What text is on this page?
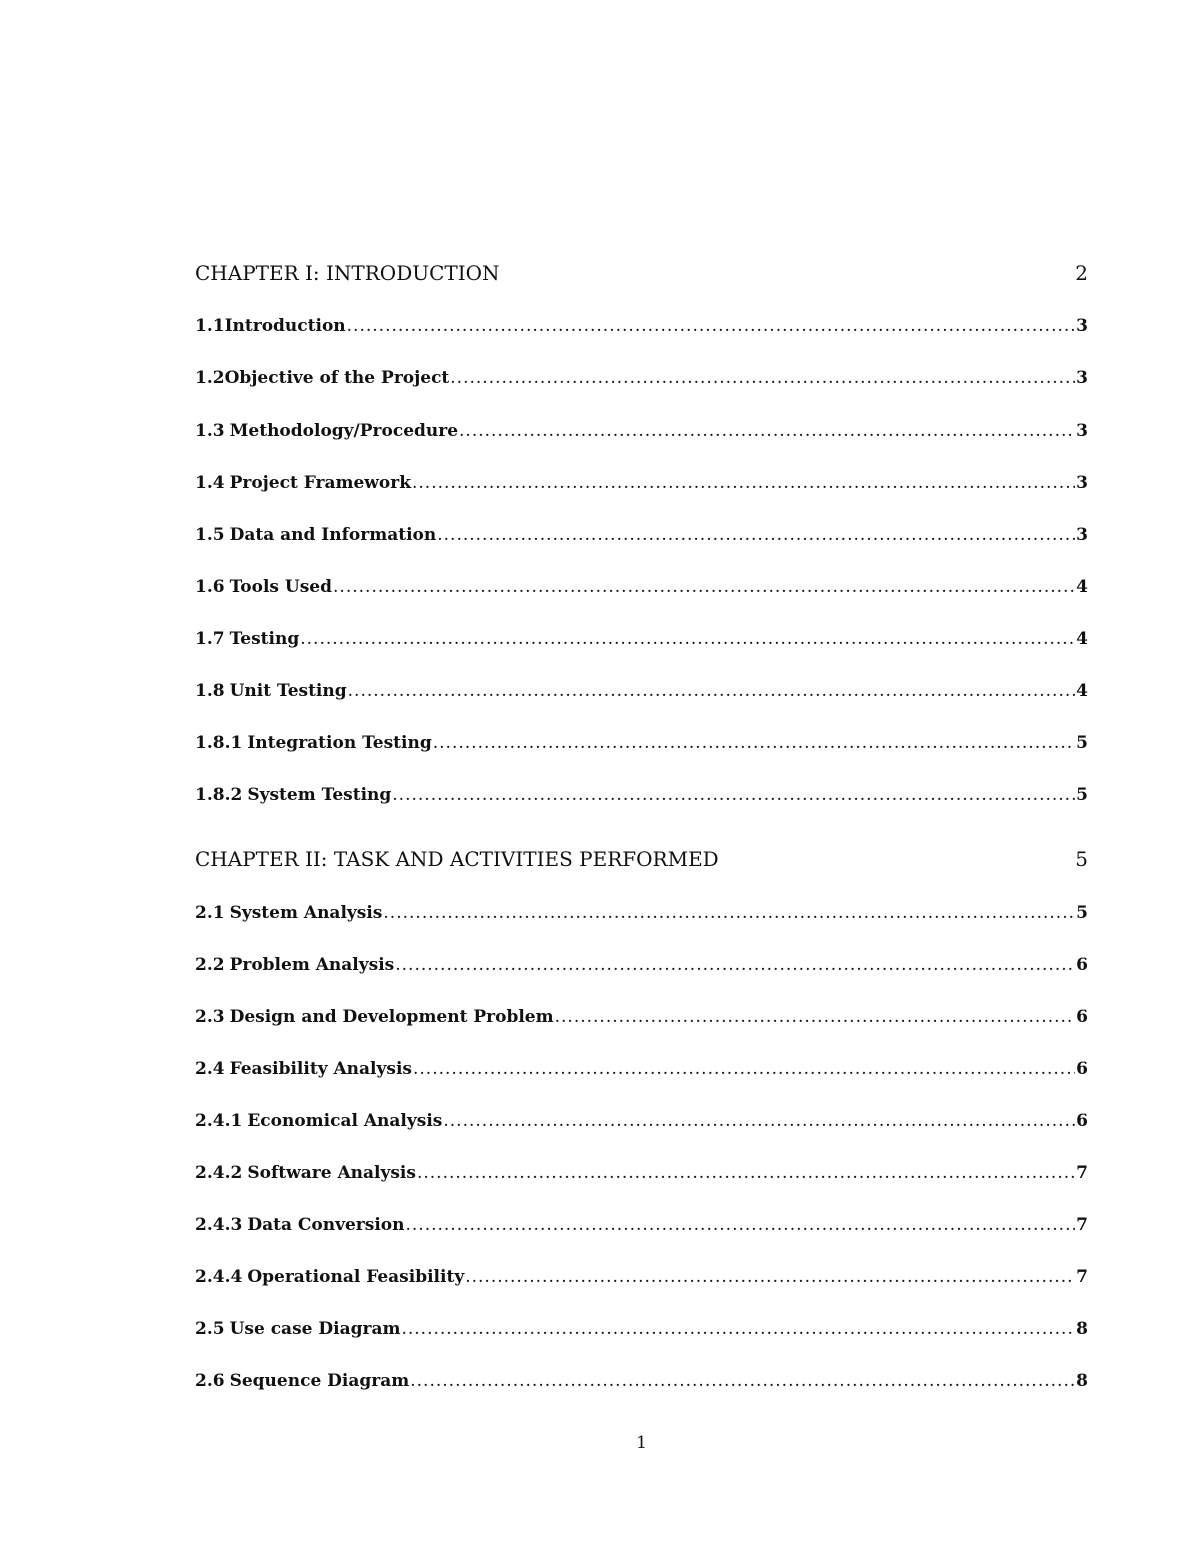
CHAPTER I: INTRODUCTION	2
1.1 Introduction .....	3
1.2 Objective of the Project .....	3
1.3 Methodology/Procedure .....	3
1.4 Project Framework .....	3
1.5 Data and Information .....	3
1.6 Tools Used .....	4
1.7 Testing .....	4
1.8 Unit Testing .....	4
1.8.1 Integration Testing .....	5
1.8.2 System Testing .....	5
CHAPTER II: TASK AND ACTIVITIES PERFORMED	5
2.1 System Analysis .....	5
2.2 Problem Analysis .....	6
2.3 Design and Development Problem .....	6
2.4 Feasibility Analysis .....	6
2.4.1 Economical Analysis .....	6
2.4.2 Software Analysis .....	7
2.4.3 Data Conversion .....	7
2.4.4 Operational Feasibility .....	7
2.5 Use case Diagram .....	8
2.6 Sequence Diagram .....	8
1
